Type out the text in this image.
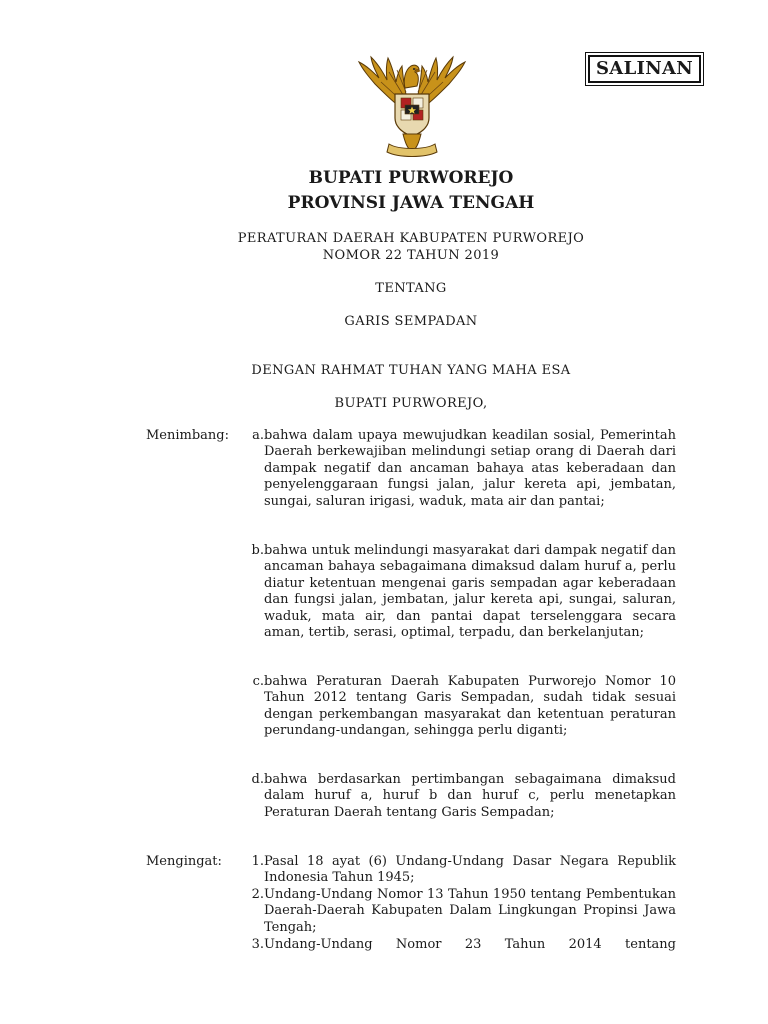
SALINAN
BUPATI PURWOREJO
PROVINSI JAWA TENGAH
PERATURAN DAERAH KABUPATEN PURWOREJO
NOMOR 22 TAHUN 2019
TENTANG
GARIS SEMPADAN
DENGAN RAHMAT TUHAN YANG MAHA ESA
BUPATI PURWOREJO,
Menimbang:	a. bahwa dalam upaya mewujudkan keadilan sosial, Pemerintah Daerah berkewajiban melindungi setiap orang di Daerah dari dampak negatif dan ancaman bahaya atas keberadaan dan penyelenggaraan fungsi jalan, jalur kereta api, jembatan, sungai, saluran irigasi, waduk, mata air dan pantai;
b. bahwa untuk melindungi masyarakat dari dampak negatif dan ancaman bahaya sebagaimana dimaksud dalam huruf a, perlu diatur ketentuan mengenai garis sempadan agar keberadaan dan fungsi jalan, jembatan, jalur kereta api, sungai, saluran, waduk, mata air, dan pantai dapat terselenggara secara aman, tertib, serasi, optimal, terpadu, dan berkelanjutan;
c. bahwa Peraturan Daerah Kabupaten Purworejo Nomor 10 Tahun 2012 tentang Garis Sempadan, sudah tidak sesuai dengan perkembangan masyarakat dan ketentuan peraturan perundang-undangan, sehingga perlu diganti;
d. bahwa berdasarkan pertimbangan sebagaimana dimaksud dalam huruf a, huruf b dan huruf c, perlu menetapkan Peraturan Daerah tentang Garis Sempadan;
Mengingat:	1. Pasal 18 ayat (6) Undang-Undang Dasar Negara Republik Indonesia Tahun 1945;
2. Undang-Undang Nomor 13 Tahun 1950 tentang Pembentukan Daerah-Daerah Kabupaten Dalam Lingkungan Propinsi Jawa Tengah;
3. Undang-Undang Nomor 23 Tahun 2014 tentang
